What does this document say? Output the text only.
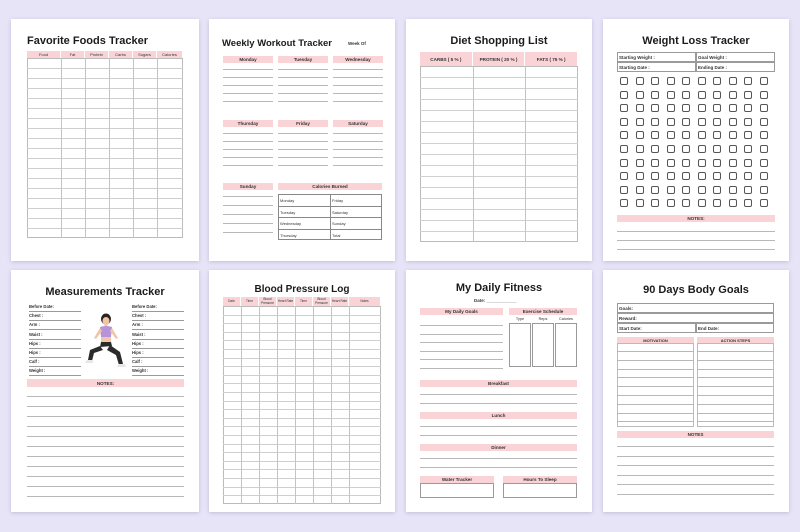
Favorite Foods Tracker
Food	Fat	Protein	Carbs	Sugars	Calories
Weekly Workout Tracker	Week Of
Monday	Tuesday	Wednesday
Thursday	Friday	Saturday
Sunday	Calories Burned
Monday	Friday
Tuesday	Saturday
Wednesday	Sunday
Thursday	Total
Diet Shopping List
CARBS ( 5 % )	PROTEIN ( 20 % )	FATS ( 75 % )
Weight Loss Tracker
Starting Weight :	Goal Weight :
Starting Date :	Ending Date :
NOTES:
Measurements Tracker
Before Date:
Chest :
Arm :
Waist :
Hips :
Hips :
Calf :
Weight :
Before Date:
Chest :
Arm :
Waist :
Hips :
Hips :
Calf :
Weight :
NOTES:
Blood Pressure Log
Date	Time	Blood Pressure	Heart Rate	Time	Blood Pressure	Heart Rate	Notes
My Daily Fitness
Date: ____________
My Daily Goals	Exercise Schedule
Type	Reps	Calories
Breakfast
Lunch
Dinner
Water Tracker	Hours To Sleep
90 Days Body Goals
Goals:
Reward:
Start Date:	End Date:
MOTIVATION	ACTION STEPS
NOTES
